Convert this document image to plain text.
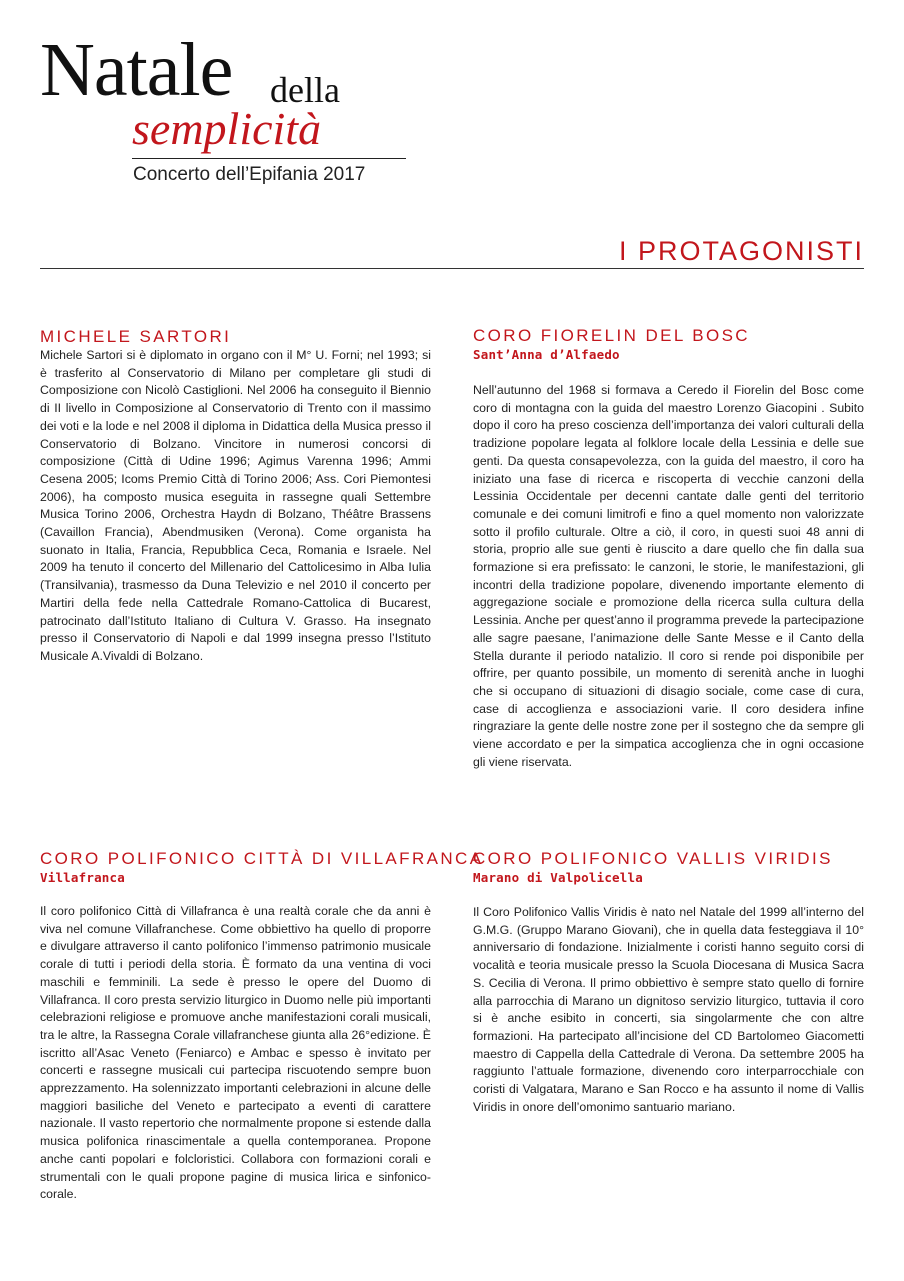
Natale della
semplicità
Concerto dell’Epifania 2017
I PROTAGONISTI
MICHELE SARTORI

Michele Sartori si è diplomato in organo con il M° U. Forni; nel 1993; si è trasferito al Conservatorio di Milano per completare gli studi di Composizione con Nicolò Castiglioni. Nel 2006 ha conseguito il Biennio di II livello in Composizione al Conservatorio di Trento con il massimo dei voti e la lode e nel 2008 il diploma in Didattica della Musica presso il Conservatorio di Bolzano. Vincitore in numerosi concorsi di composizione (Città di Udine 1996; Agimus Varenna 1996; Ammi Cesena 2005; Icoms Premio Città di Torino 2006; Ass. Cori Piemontesi 2006), ha composto musica eseguita in rassegne quali Settembre Musica Torino 2006, Orchestra Haydn di Bolzano, Théâtre Brassens (Cavaillon Francia), Abendmusiken (Verona). Come organista ha suonato in Italia, Francia, Repubblica Ceca, Romania e Israele. Nel 2009 ha tenuto il concerto del Millenario del Cattolicesimo in Alba Iulia (Transilvania), trasmesso da Duna Televizio e nel 2010 il concerto per Martiri della fede nella Cattedrale Romano-Cattolica di Bucarest, patrocinato dall’Istituto Italiano di Cultura V. Grasso. Ha insegnato presso il Conservatorio di Napoli e dal 1999 insegna presso l’Istituto Musicale A.Vivaldi di Bolzano.

CORO FIORELIN DEL BOSC
Sant’Anna d’Alfaedo

Nell’autunno del 1968 si formava a Ceredo il Fiorelin del Bosc come coro di montagna con la guida del maestro Lorenzo Giacopini . Subito dopo il coro ha preso coscienza dell’importanza dei valori culturali della tradizione popolare legata al folklore locale della Lessinia e delle sue genti. Da questa consapevolezza, con la guida del maestro, il coro ha iniziato una fase di ricerca e riscoperta di vecchie canzoni della Lessinia Occidentale per decenni cantate dalle genti del territorio comunale e dei comuni limitrofi e fino a quel momento non valorizzate sotto il profilo culturale. Oltre a ciò, il coro, in questi suoi 48 anni di storia, proprio alle sue genti è riuscito a dare quello che fin dalla sua formazione si era prefissato: le canzoni, le storie, le manifestazioni, gli incontri della tradizione popolare, divenendo importante elemento di aggregazione sociale e promozione della ricerca sulla cultura della Lessinia. Anche per quest’anno il programma prevede la partecipazione alle sagre paesane, l’animazione delle Sante Messe e il Canto della Stella durante il periodo natalizio. Il coro si rende poi disponibile per offrire, per quanto possibile, un momento di serenità anche in luoghi che si occupano di situazioni di disagio sociale, come case di cura, case di accoglienza e associazioni varie. Il coro desidera infine ringraziare la gente delle nostre zone per il sostegno che da sempre gli viene accordato e per la simpatica accoglienza che in ogni occasione gli viene riservata.

CORO POLIFONICO CITTÀ DI VILLAFRANCA
Villafranca

Il coro polifonico Città di Villafranca è una realtà corale che da anni è viva nel comune Villafranchese. Come obbiettivo ha quello di proporre e divulgare attraverso il canto polifonico l’immenso patrimonio musicale corale di tutti i periodi della storia. È formato da una ventina di voci maschili e femminili. La sede è presso le opere del Duomo di Villafranca. Il coro presta servizio liturgico in Duomo nelle più importanti celebrazioni religiose e promuove anche manifestazioni corali musicali, tra le altre, la Rassegna Corale villafranchese giunta alla 26°edizione. È iscritto all’Asac Veneto (Feniarco) e Ambac e spesso è invitato per concerti e rassegne musicali cui partecipa riscuotendo sempre buon apprezzamento. Ha solennizzato importanti celebrazioni in alcune delle maggiori basiliche del Veneto e partecipato a eventi di carattere nazionale. Il vasto repertorio che normalmente propone si estende dalla musica polifonica rinascimentale a quella contemporanea. Propone anche canti popolari e folcloristici. Collabora con formazioni corali e strumentali con le quali propone pagine di musica lirica e sinfonico-corale.

CORO POLIFONICO VALLIS VIRIDIS
Marano di Valpolicella

Il Coro Polifonico Vallis Viridis è nato nel Natale del 1999 all’interno del G.M.G. (Gruppo Marano Giovani), che in quella data festeggiava il 10° anniversario di fondazione. Inizialmente i coristi hanno seguito corsi di vocalità e teoria musicale presso la Scuola Diocesana di Musica Sacra S. Cecilia di Verona. Il primo obbiettivo è sempre stato quello di fornire alla parrocchia di Marano un dignitoso servizio liturgico, tuttavia il coro si è anche esibito in concerti, sia singolarmente che con altre formazioni. Ha partecipato all’incisione del CD Bartolomeo Giacometti maestro di Cappella della Cattedrale di Verona. Da settembre 2005 ha raggiunto l’attuale formazione, divenendo coro interparrocchiale con coristi di Valgatara, Marano e San Rocco e ha assunto il nome di Vallis Viridis in onore dell’omonimo santuario mariano.
